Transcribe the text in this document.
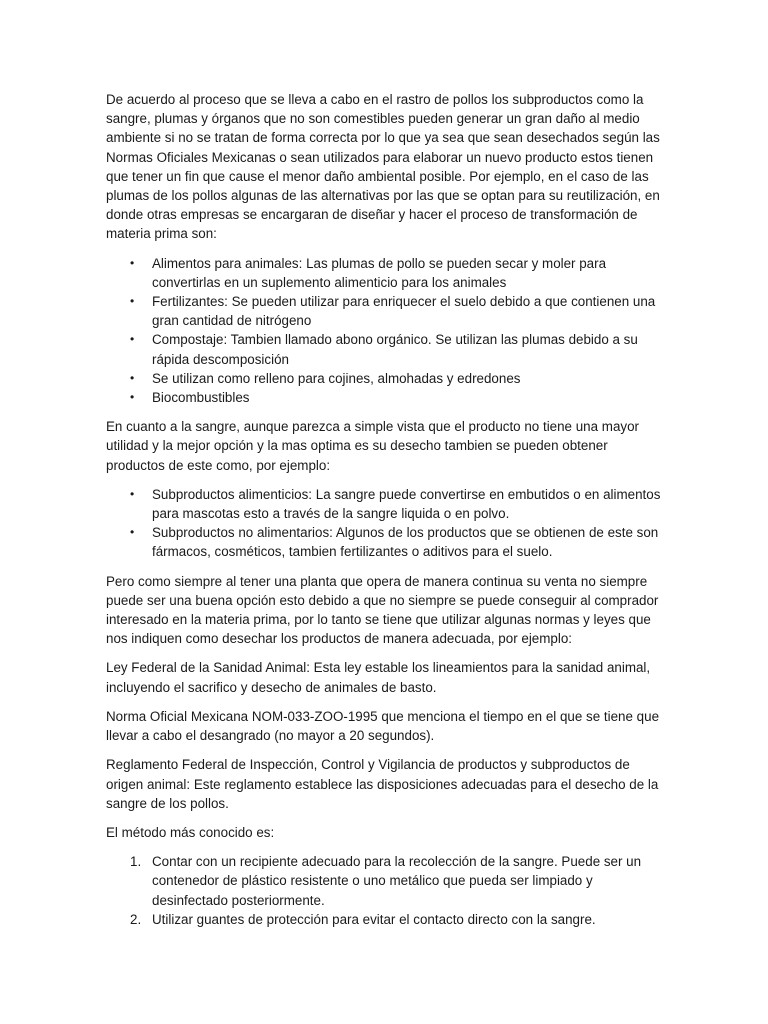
De acuerdo al proceso que se lleva a cabo en el rastro de pollos los subproductos como la sangre, plumas y órganos que no son comestibles pueden generar un gran daño al medio ambiente si no se tratan de forma correcta por lo que ya sea que sean desechados según las Normas Oficiales Mexicanas o sean utilizados para elaborar un nuevo producto estos tienen que tener un fin que cause el menor daño ambiental posible. Por ejemplo, en el caso de las plumas de los pollos algunas de las alternativas por las que se optan para su reutilización, en donde otras empresas se encargaran de diseñar y hacer el proceso de transformación de materia prima son:

• Alimentos para animales: Las plumas de pollo se pueden secar y moler para convertirlas en un suplemento alimenticio para los animales
• Fertilizantes: Se pueden utilizar para enriquecer el suelo debido a que contienen una gran cantidad de nitrógeno
• Compostaje: Tambien llamado abono orgánico. Se utilizan las plumas debido a su rápida descomposición
• Se utilizan como relleno para cojines, almohadas y edredones
• Biocombustibles

En cuanto a la sangre, aunque parezca a simple vista que el producto no tiene una mayor utilidad y la mejor opción y la mas optima es su desecho tambien se pueden obtener productos de este como, por ejemplo:

• Subproductos alimenticios: La sangre puede convertirse en embutidos o en alimentos para mascotas esto a través de la sangre liquida o en polvo.
• Subproductos no alimentarios: Algunos de los productos que se obtienen de este son fármacos, cosméticos, tambien fertilizantes o aditivos para el suelo.

Pero como siempre al tener una planta que opera de manera continua su venta no siempre puede ser una buena opción esto debido a que no siempre se puede conseguir al comprador interesado en la materia prima, por lo tanto se tiene que utilizar algunas normas y leyes que nos indiquen como desechar los productos de manera adecuada, por ejemplo:

Ley Federal de la Sanidad Animal: Esta ley estable los lineamientos para la sanidad animal, incluyendo el sacrifico y desecho de animales de basto.

Norma Oficial Mexicana NOM-033-ZOO-1995 que menciona el tiempo en el que se tiene que llevar a cabo el desangrado (no mayor a 20 segundos).

Reglamento Federal de Inspección, Control y Vigilancia de productos y subproductos de origen animal: Este reglamento establece las disposiciones adecuadas para el desecho de la sangre de los pollos.

El método más conocido es:

1. Contar con un recipiente adecuado para la recolección de la sangre. Puede ser un contenedor de plástico resistente o uno metálico que pueda ser limpiado y desinfectado posteriormente.
2. Utilizar guantes de protección para evitar el contacto directo con la sangre.
